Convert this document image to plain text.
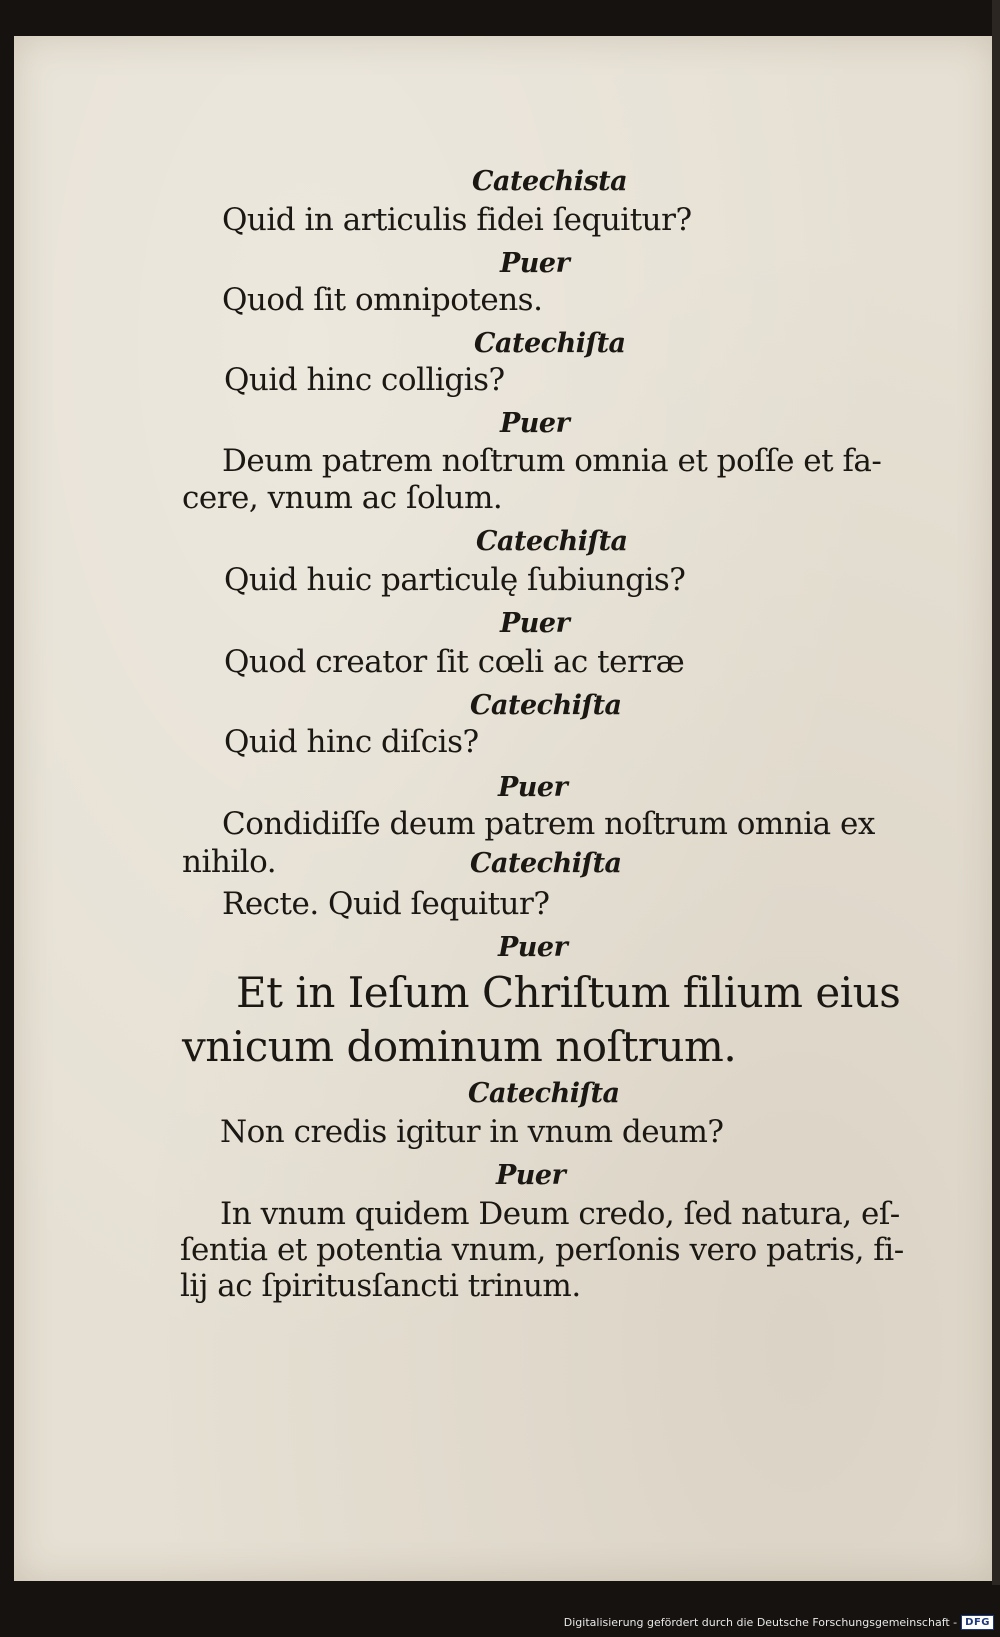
Catechista
Quid in articulis fidei ſequitur?
Puer
Quod ſit omnipotens.
Catechiſta
Quid hinc colligis?
Puer
Deum patrem noſtrum omnia et poſſe et fa-
cere, vnum ac ſolum.
Catechiſta
Quid huic particulę ſubiungis?
Puer
Quod creator ſit cœli ac terræ
Catechiſta
Quid hinc diſcis?
Puer
Condidiſſe deum patrem noſtrum omnia ex
nihilo.	Catechiſta
Recte. Quid ſequitur?
Puer
Et in Ieſum Chriſtum filium eius
vnicum dominum noſtrum.
Catechiſta
Non credis igitur in vnum deum?
Puer
In vnum quidem Deum credo, ſed natura, eſ-
ſentia et potentia vnum, perſonis vero patris, fi-
lij ac ſpiritusſancti trinum.
Digitalisierung gefördert durch die Deutsche Forschungsgemeinschaft - DFG
